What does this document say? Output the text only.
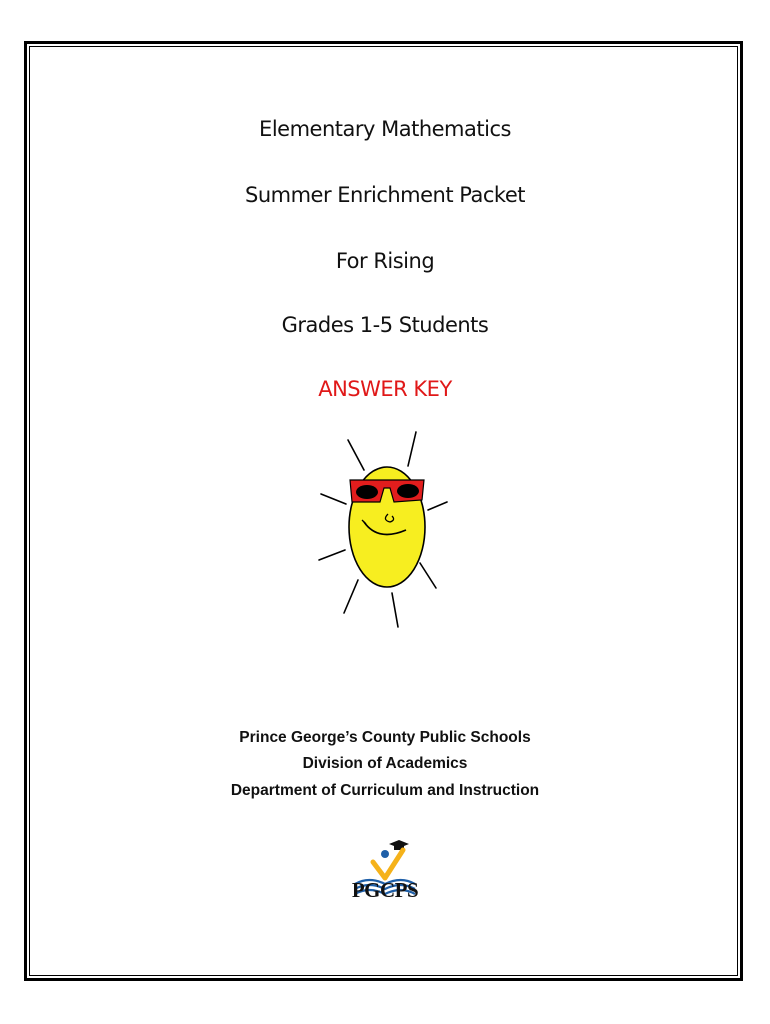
Elementary Mathematics
Summer Enrichment Packet
For Rising
Grades 1-5 Students
ANSWER KEY
Prince George’s County Public Schools
Division of Academics
Department of Curriculum and Instruction
PGCPS
